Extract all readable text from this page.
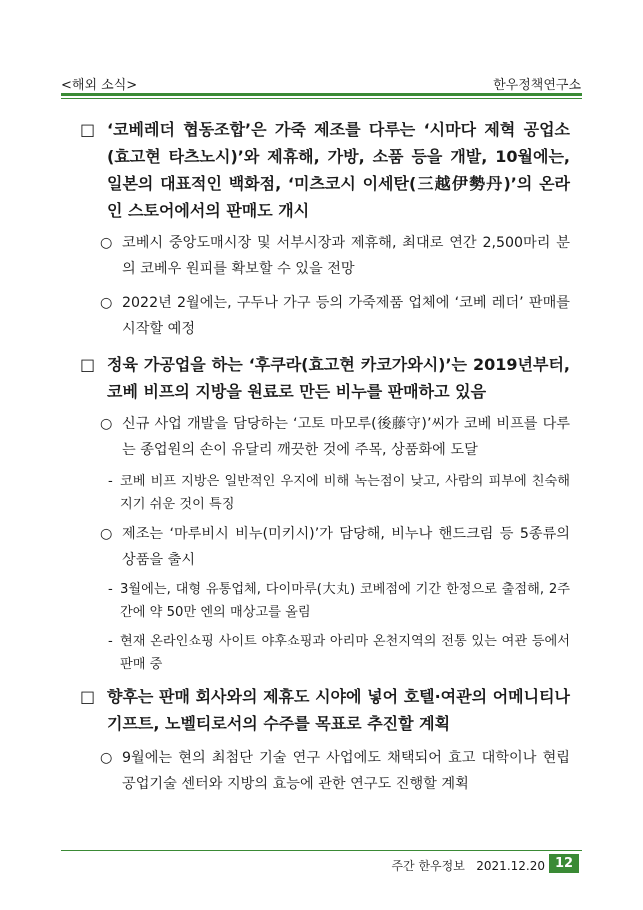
<해외 소식>	한우정책연구소
□ ‘코베레더 협동조합’은 가죽 제조를 다루는 ‘시마다 제혁 공업소(효고현 타츠노시)’와 제휴해, 가방, 소품 등을 개발, 10월에는, 일본의 대표적인 백화점, ‘미츠코시 이세탄(三越伊勢丹)’의 온라인 스토어에서의 판매도 개시
○ 코베시 중앙도매시장 및 서부시장과 제휴해, 최대로 연간 2,500마리 분의 코베우 원피를 확보할 수 있을 전망
○ 2022년 2월에는, 구두나 가구 등의 가죽제품 업체에 ‘코베 레더’ 판매를 시작할 예정
□ 정육 가공업을 하는 ‘후쿠라(효고현 카코가와시)’는 2019년부터, 코베 비프의 지방을 원료로 만든 비누를 판매하고 있음
○ 신규 사업 개발을 담당하는 ‘고토 마모루(後藤守)’씨가 코베 비프를 다루는 종업원의 손이 유달리 깨끗한 것에 주목, 상품화에 도달
- 코베 비프 지방은 일반적인 우지에 비해 녹는점이 낮고, 사람의 피부에 친숙해지기 쉬운 것이 특징
○ 제조는 ‘마루비시 비누(미키시)’가 담당해, 비누나 핸드크림 등 5종류의 상품을 출시
- 3월에는, 대형 유통업체, 다이마루(大丸) 코베점에 기간 한정으로 출점해, 2주간에 약 50만 엔의 매상고를 올림
- 현재 온라인쇼핑 사이트 야후쇼핑과 아리마 온천지역의 전통 있는 여관 등에서 판매 중
□ 향후는 판매 회사와의 제휴도 시야에 넣어 호텔·여관의 어메니티나 기프트, 노벨티로서의 수주를 목표로 추진할 계획
○ 9월에는 현의 최첨단 기술 연구 사업에도 채택되어 효고 대학이나 현립 공업기술 센터와 지방의 효능에 관한 연구도 진행할 계획
주간 한우정보 2021.12.20 12
